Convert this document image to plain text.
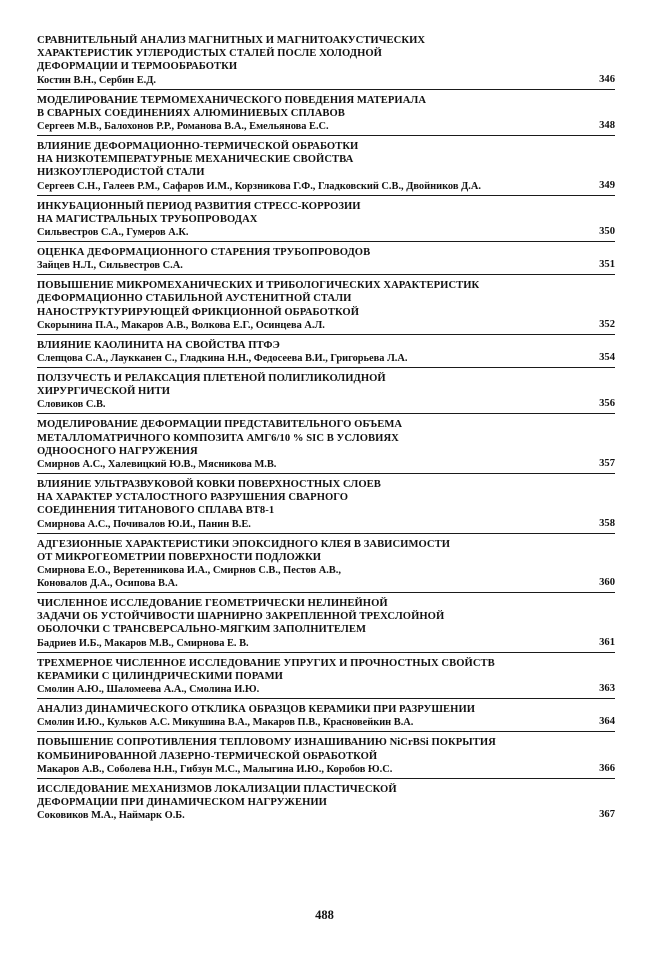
СРАВНИТЕЛЬНЫЙ АНАЛИЗ МАГНИТНЫХ И МАГНИТОАКУСТИЧЕСКИХ
ХАРАКТЕРИСТИК УГЛЕРОДИСТЫХ СТАЛЕЙ ПОСЛЕ ХОЛОДНОЙ
ДЕФОРМАЦИИ И ТЕРМООБРАБОТКИ
Костин В.Н., Сербин Е.Д.	346
МОДЕЛИРОВАНИЕ ТЕРМОМЕХАНИЧЕСКОГО ПОВЕДЕНИЯ МАТЕРИАЛА
В СВАРНЫХ СОЕДИНЕНИЯХ АЛЮМИНИЕВЫХ СПЛАВОВ
Сергеев М.В., Балохонов Р.Р., Романова В.А., Емельянова Е.С.	348
ВЛИЯНИЕ ДЕФОРМАЦИОННО-ТЕРМИЧЕСКОЙ ОБРАБОТКИ
НА НИЗКОТЕМПЕРАТУРНЫЕ МЕХАНИЧЕСКИЕ СВОЙСТВА
НИЗКОУГЛЕРОДИСТОЙ СТАЛИ
Сергеев С.Н., Галеев Р.М., Сафаров И.М., Корзникова Г.Ф., Гладковский С.В., Двойников Д.А.	349
ИНКУБАЦИОННЫЙ ПЕРИОД РАЗВИТИЯ СТРЕСС-КОРРОЗИИ
НА МАГИСТРАЛЬНЫХ ТРУБОПРОВОДАХ
Сильвестров С.А., Гумеров А.К.	350
ОЦЕНКА ДЕФОРМАЦИОННОГО СТАРЕНИЯ ТРУБОПРОВОДОВ
Зайцев Н.Л., Сильвестров С.А.	351
ПОВЫШЕНИЕ МИКРОМЕХАНИЧЕСКИХ И ТРИБОЛОГИЧЕСКИХ ХАРАКТЕРИСТИК
ДЕФОРМАЦИОННО СТАБИЛЬНОЙ АУСТЕНИТНОЙ СТАЛИ
НАНОСТРУКТУРИРУЮЩЕЙ ФРИКЦИОННОЙ ОБРАБОТКОЙ
Скорынина П.А., Макаров А.В., Волкова Е.Г., Осинцева А.Л.	352
ВЛИЯНИЕ КАОЛИНИТА НА СВОЙСТВА ПТФЭ
Слепцова С.А., Лаукканен С., Гладкина Н.Н., Федосеева В.И., Григорьева Л.А.	354
ПОЛЗУЧЕСТЬ И РЕЛАКСАЦИЯ ПЛЕТЕНОЙ ПОЛИГЛИКОЛИДНОЙ
ХИРУРГИЧЕСКОЙ НИТИ
Словиков С.В.	356
МОДЕЛИРОВАНИЕ ДЕФОРМАЦИИ ПРЕДСТАВИТЕЛЬНОГО ОБЪЕМА
МЕТАЛЛОМАТРИЧНОГО КОМПОЗИТА АМГ6/10 % SIC В УСЛОВИЯХ
ОДНООСНОГО НАГРУЖЕНИЯ
Смирнов А.С., Халевицкий Ю.В., Мясникова М.В.	357
ВЛИЯНИЕ УЛЬТРАЗВУКОВОЙ КОВКИ ПОВЕРХНОСТНЫХ СЛОЕВ
НА ХАРАКТЕР УСТАЛОСТНОГО РАЗРУШЕНИЯ СВАРНОГО
СОЕДИНЕНИЯ ТИТАНОВОГО СПЛАВА ВТ8-1
Смирнова А.С., Почивалов Ю.И., Панин В.Е.	358
АДГЕЗИОННЫЕ ХАРАКТЕРИСТИКИ ЭПОКСИДНОГО КЛЕЯ В ЗАВИСИМОСТИ
ОТ МИКРОГЕОМЕТРИИ ПОВЕРХНОСТИ ПОДЛОЖКИ
Смирнова Е.О., Веретенникова И.А., Смирнов С.В., Пестов А.В.,
Коновалов Д.А., Осипова В.А.	360
ЧИСЛЕННОЕ ИССЛЕДОВАНИЕ ГЕОМЕТРИЧЕСКИ НЕЛИНЕЙНОЙ
ЗАДАЧИ ОБ УСТОЙЧИВОСТИ ШАРНИРНО ЗАКРЕПЛЕННОЙ ТРЕХСЛОЙНОЙ
ОБОЛОЧКИ С ТРАНСВЕРСАЛЬНО-МЯГКИМ ЗАПОЛНИТЕЛЕМ
Бадриев И.Б., Макаров М.В., Смирнова Е. В.	361
ТРЕХМЕРНОЕ ЧИСЛЕННОЕ ИССЛЕДОВАНИЕ УПРУГИХ И ПРОЧНОСТНЫХ СВОЙСТВ
КЕРАМИКИ С ЦИЛИНДРИЧЕСКИМИ ПОРАМИ
Смолин А.Ю., Шаломеева А.А., Смолина И.Ю.	363
АНАЛИЗ ДИНАМИЧЕСКОГО ОТКЛИКА ОБРАЗЦОВ КЕРАМИКИ ПРИ РАЗРУШЕНИИ
Смолин И.Ю., Кульков А.С. Микушина В.А., Макаров П.В., Красновейкин В.А.	364
ПОВЫШЕНИЕ СОПРОТИВЛЕНИЯ ТЕПЛОВОМУ ИЗНАШИВАНИЮ NiCrBSi ПОКРЫТИЯ
КОМБИНИРОВАННОЙ ЛАЗЕРНО-ТЕРМИЧЕСКОЙ ОБРАБОТКОЙ
Макаров А.В., Соболева Н.Н., Гибзун М.С., Малыгина И.Ю., Коробов Ю.С.	366
ИССЛЕДОВАНИЕ МЕХАНИЗМОВ ЛОКАЛИЗАЦИИ ПЛАСТИЧЕСКОЙ
ДЕФОРМАЦИИ ПРИ ДИНАМИЧЕСКОМ НАГРУЖЕНИИ
Соковиков М.А., Наймарк О.Б.	367
488
